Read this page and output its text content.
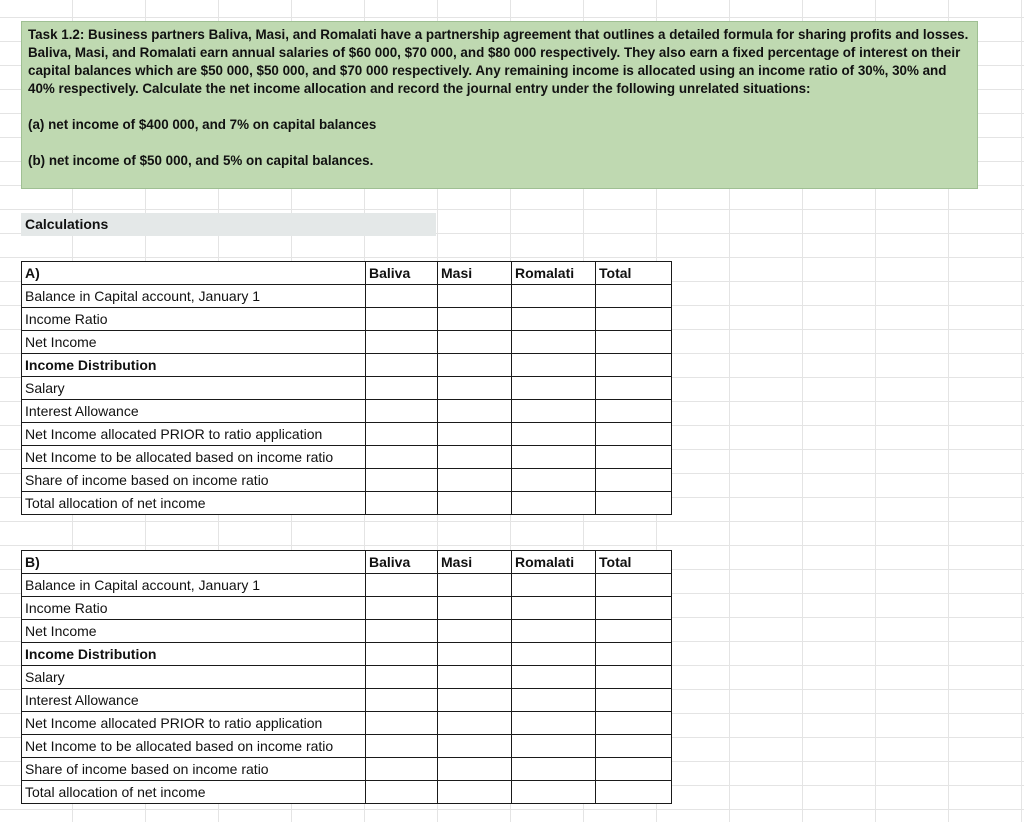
Task 1.2: Business partners Baliva, Masi, and Romalati have a partnership agreement that outlines a detailed formula for sharing profits and losses. Baliva, Masi, and Romalati earn annual salaries of $60 000, $70 000, and $80 000 respectively. They also earn a fixed percentage of interest on their capital balances which are $50 000, $50 000, and $70 000 respectively. Any remaining income is allocated using an income ratio of 30%, 30% and 40% respectively. Calculate the net income allocation and record the journal entry under the following unrelated situations:

(a) net income of $400 000, and 7% on capital balances

(b) net income of $50 000, and 5% on capital balances.

Calculations
A)	Baliva	Masi	Romalati	Total
Balance in Capital account, January 1				
Income Ratio				
Net Income				
Income Distribution				
Salary				
Interest Allowance				
Net Income allocated PRIOR to ratio application				
Net Income to be allocated based on income ratio				
Share of income based on income ratio				
Total allocation of net income				
B)	Baliva	Masi	Romalati	Total
Balance in Capital account, January 1				
Income Ratio				
Net Income				
Income Distribution				
Salary				
Interest Allowance				
Net Income allocated PRIOR to ratio application				
Net Income to be allocated based on income ratio				
Share of income based on income ratio				
Total allocation of net income				
